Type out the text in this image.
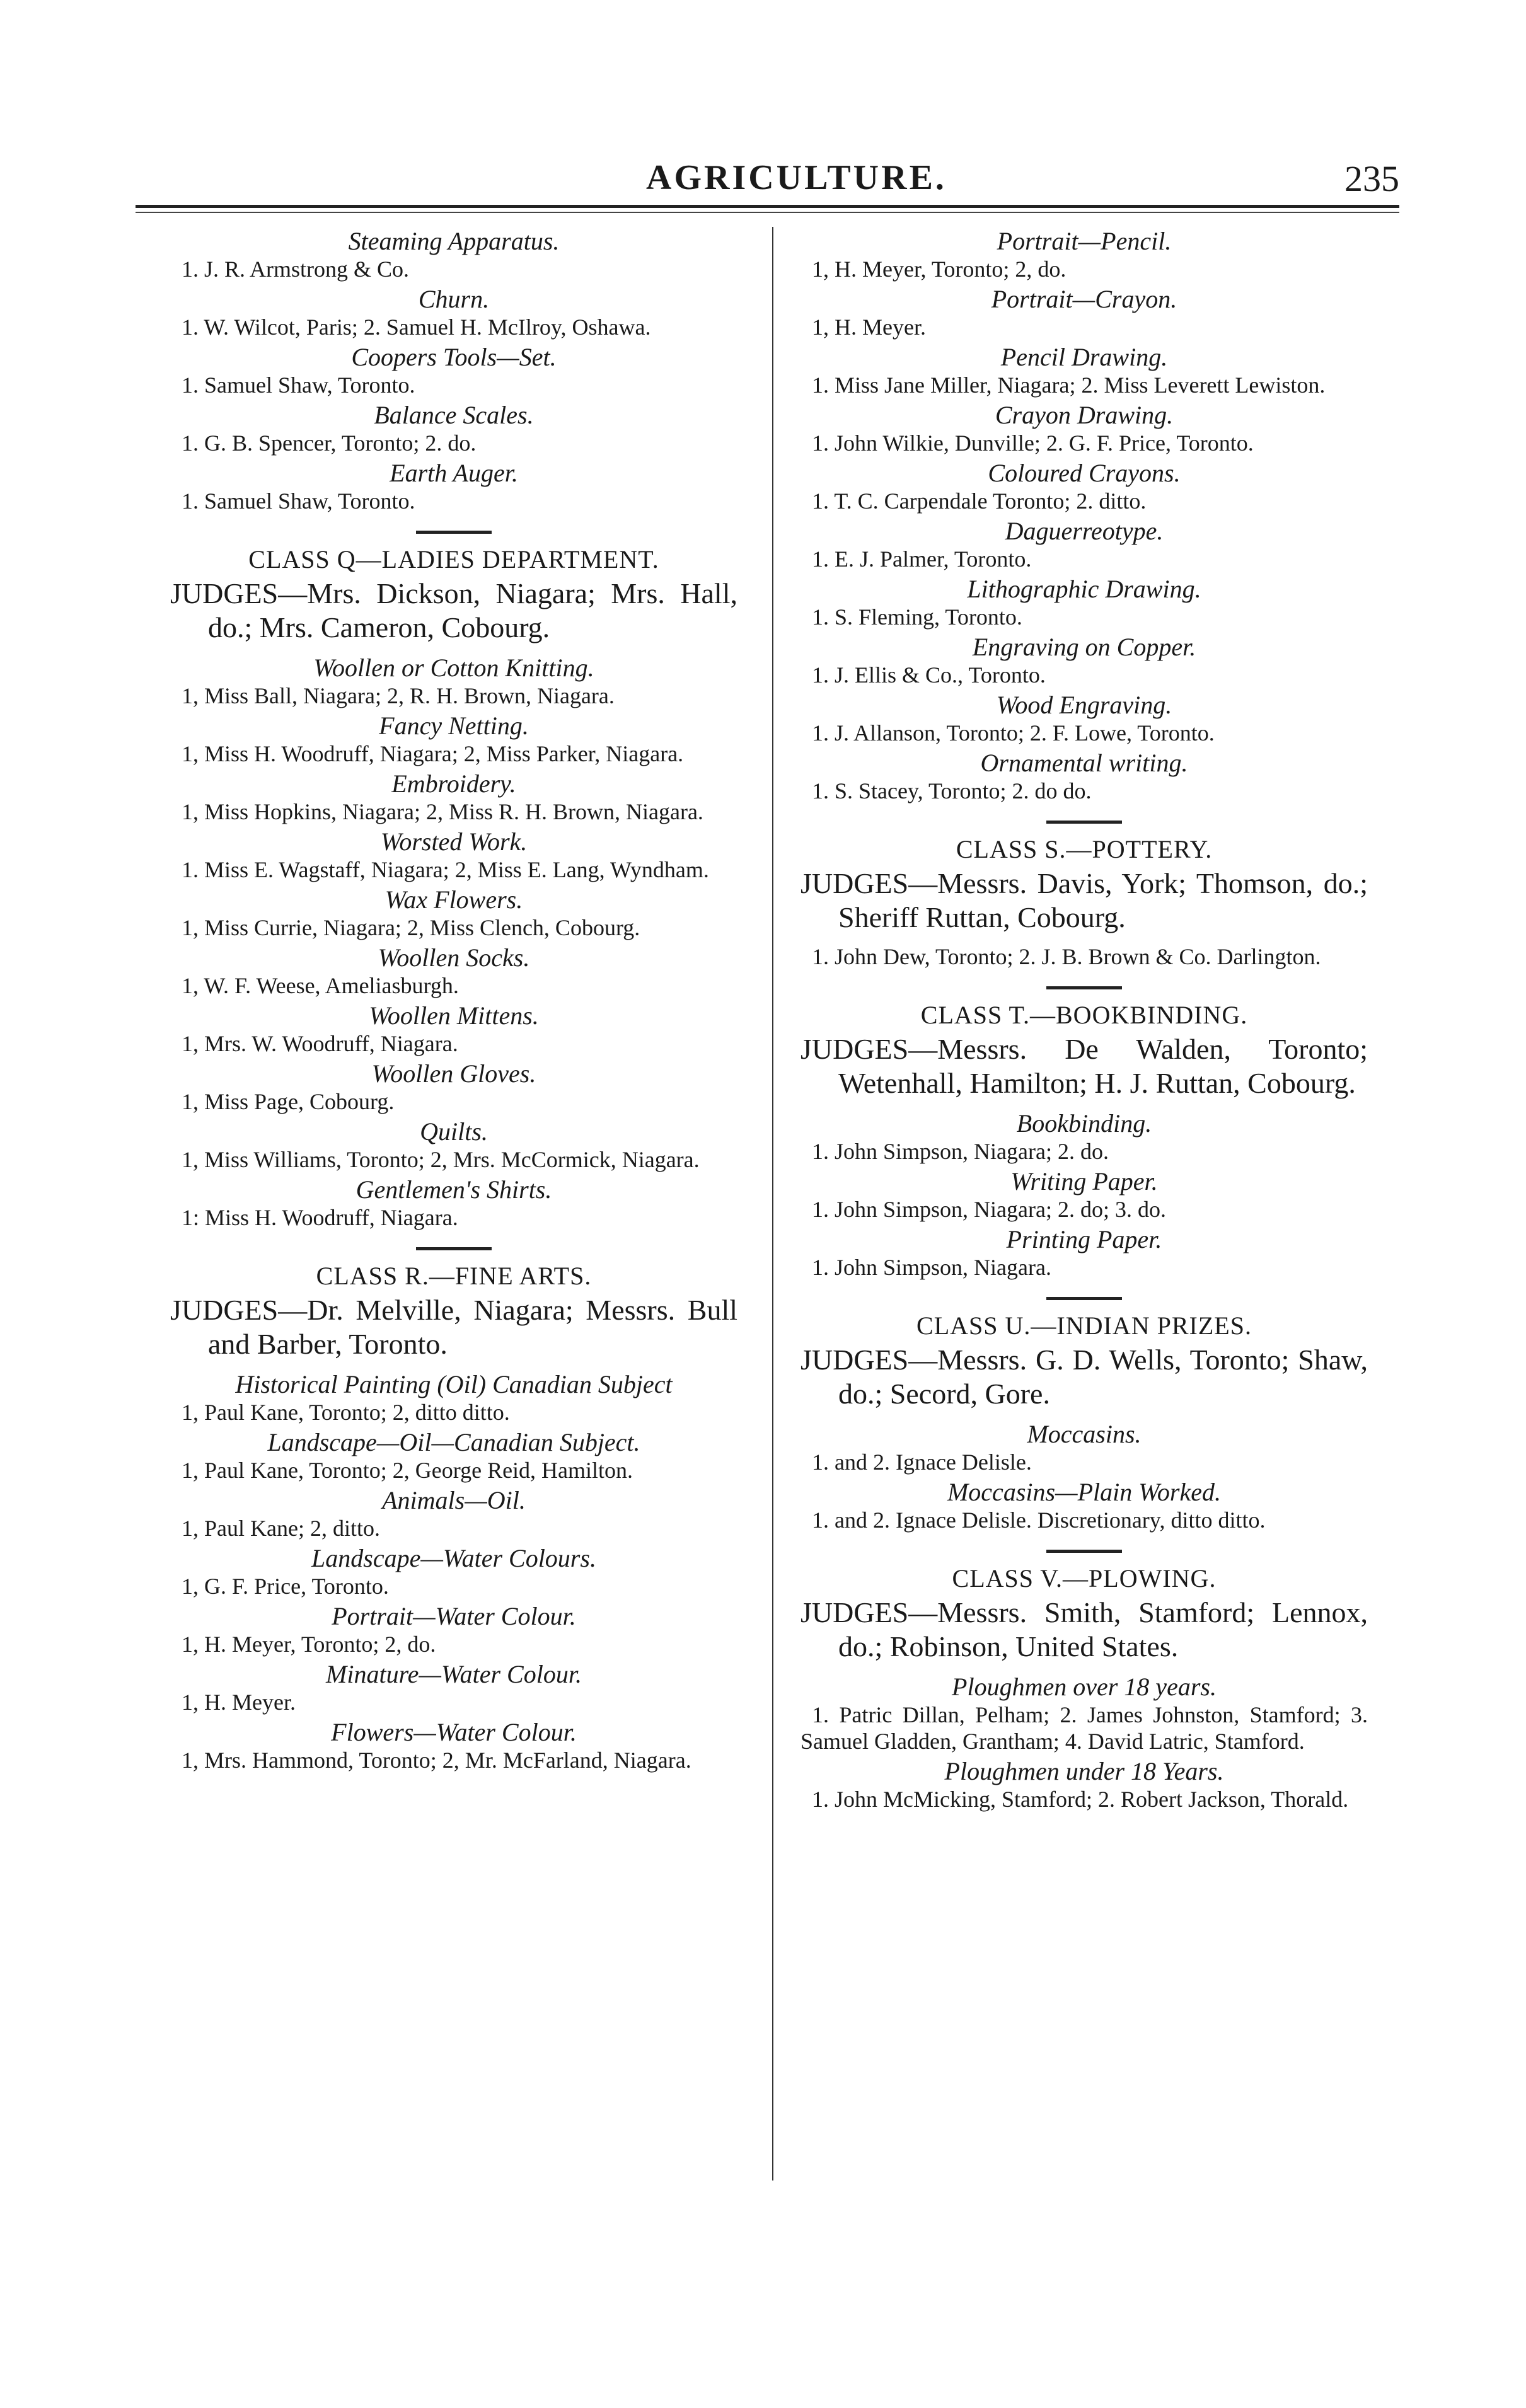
AGRICULTURE.	235
Steaming Apparatus.
1. J. R. Armstrong & Co.
Churn.
1. W. Wilcot, Paris; 2. Samuel H. McIlroy, Oshawa.
Coopers Tools—Set.
1. Samuel Shaw, Toronto.
Balance Scales.
1. G. B. Spencer, Toronto; 2. do.
Earth Auger.
1. Samuel Shaw, Toronto.
CLASS Q—LADIES DEPARTMENT.
JUDGES—Mrs. Dickson, Niagara; Mrs. Hall, do.; Mrs. Cameron, Cobourg.
Woollen or Cotton Knitting.
1, Miss Ball, Niagara; 2, R. H. Brown, Niagara.
Fancy Netting.
1, Miss H. Woodruff, Niagara; 2, Miss Parker, Niagara.
Embroidery.
1, Miss Hopkins, Niagara; 2, Miss R. H. Brown, Niagara.
Worsted Work.
1. Miss E. Wagstaff, Niagara; 2, Miss E. Lang, Wyndham.
Wax Flowers.
1, Miss Currie, Niagara; 2, Miss Clench, Cobourg.
Woollen Socks.
1, W. F. Weese, Ameliasburgh.
Woollen Mittens.
1, Mrs. W. Woodruff, Niagara.
Woollen Gloves.
1, Miss Page, Cobourg.
Quilts.
1, Miss Williams, Toronto; 2, Mrs. McCormick, Niagara.
Gentlemen's Shirts.
1: Miss H. Woodruff, Niagara.
CLASS R.—FINE ARTS.
JUDGES—Dr. Melville, Niagara; Messrs. Bull and Barber, Toronto.
Historical Painting (Oil) Canadian Subject
1, Paul Kane, Toronto; 2, ditto ditto.
Landscape—Oil—Canadian Subject.
1, Paul Kane, Toronto; 2, George Reid, Hamilton.
Animals—Oil.
1, Paul Kane; 2, ditto.
Landscape—Water Colours.
1, G. F. Price, Toronto.
Portrait—Water Colour.
1, H. Meyer, Toronto; 2, do.
Minature—Water Colour.
1, H. Meyer.
Flowers—Water Colour.
1, Mrs. Hammond, Toronto; 2, Mr. McFarland, Niagara.
Portrait—Pencil.
1, H. Meyer, Toronto; 2, do.
Portrait—Crayon.
1, H. Meyer.
Pencil Drawing.
1. Miss Jane Miller, Niagara; 2. Miss Leverett Lewiston.
Crayon Drawing.
1. John Wilkie, Dunville; 2. G. F. Price, Toronto.
Coloured Crayons.
1. T. C. Carpendale Toronto; 2. ditto.
Daguerreotype.
1. E. J. Palmer, Toronto.
Lithographic Drawing.
1. S. Fleming, Toronto.
Engraving on Copper.
1. J. Ellis & Co., Toronto.
Wood Engraving.
1. J. Allanson, Toronto; 2. F. Lowe, Toronto.
Ornamental writing.
1. S. Stacey, Toronto; 2. do do.
CLASS S.—POTTERY.
JUDGES—Messrs. Davis, York; Thomson, do.; Sheriff Ruttan, Cobourg.
1. John Dew, Toronto; 2. J. B. Brown & Co. Darlington.
CLASS T.—BOOKBINDING.
JUDGES—Messrs. De Walden, Toronto; Wetenhall, Hamilton; H. J. Ruttan, Cobourg.
Bookbinding.
1. John Simpson, Niagara; 2. do.
Writing Paper.
1. John Simpson, Niagara; 2. do; 3. do.
Printing Paper.
1. John Simpson, Niagara.
CLASS U.—INDIAN PRIZES.
JUDGES—Messrs. G. D. Wells, Toronto; Shaw, do.; Secord, Gore.
Moccasins.
1. and 2. Ignace Delisle.
Moccasins—Plain Worked.
1. and 2. Ignace Delisle. Discretionary, ditto ditto.
CLASS V.—PLOWING.
JUDGES—Messrs. Smith, Stamford; Lennox, do.; Robinson, United States.
Ploughmen over 18 years.
1. Patric Dillan, Pelham; 2. James Johnston, Stamford; 3. Samuel Gladden, Grantham; 4. David Latric, Stamford.
Ploughmen under 18 Years.
1. John McMicking, Stamford; 2. Robert Jackson, Thorald.
